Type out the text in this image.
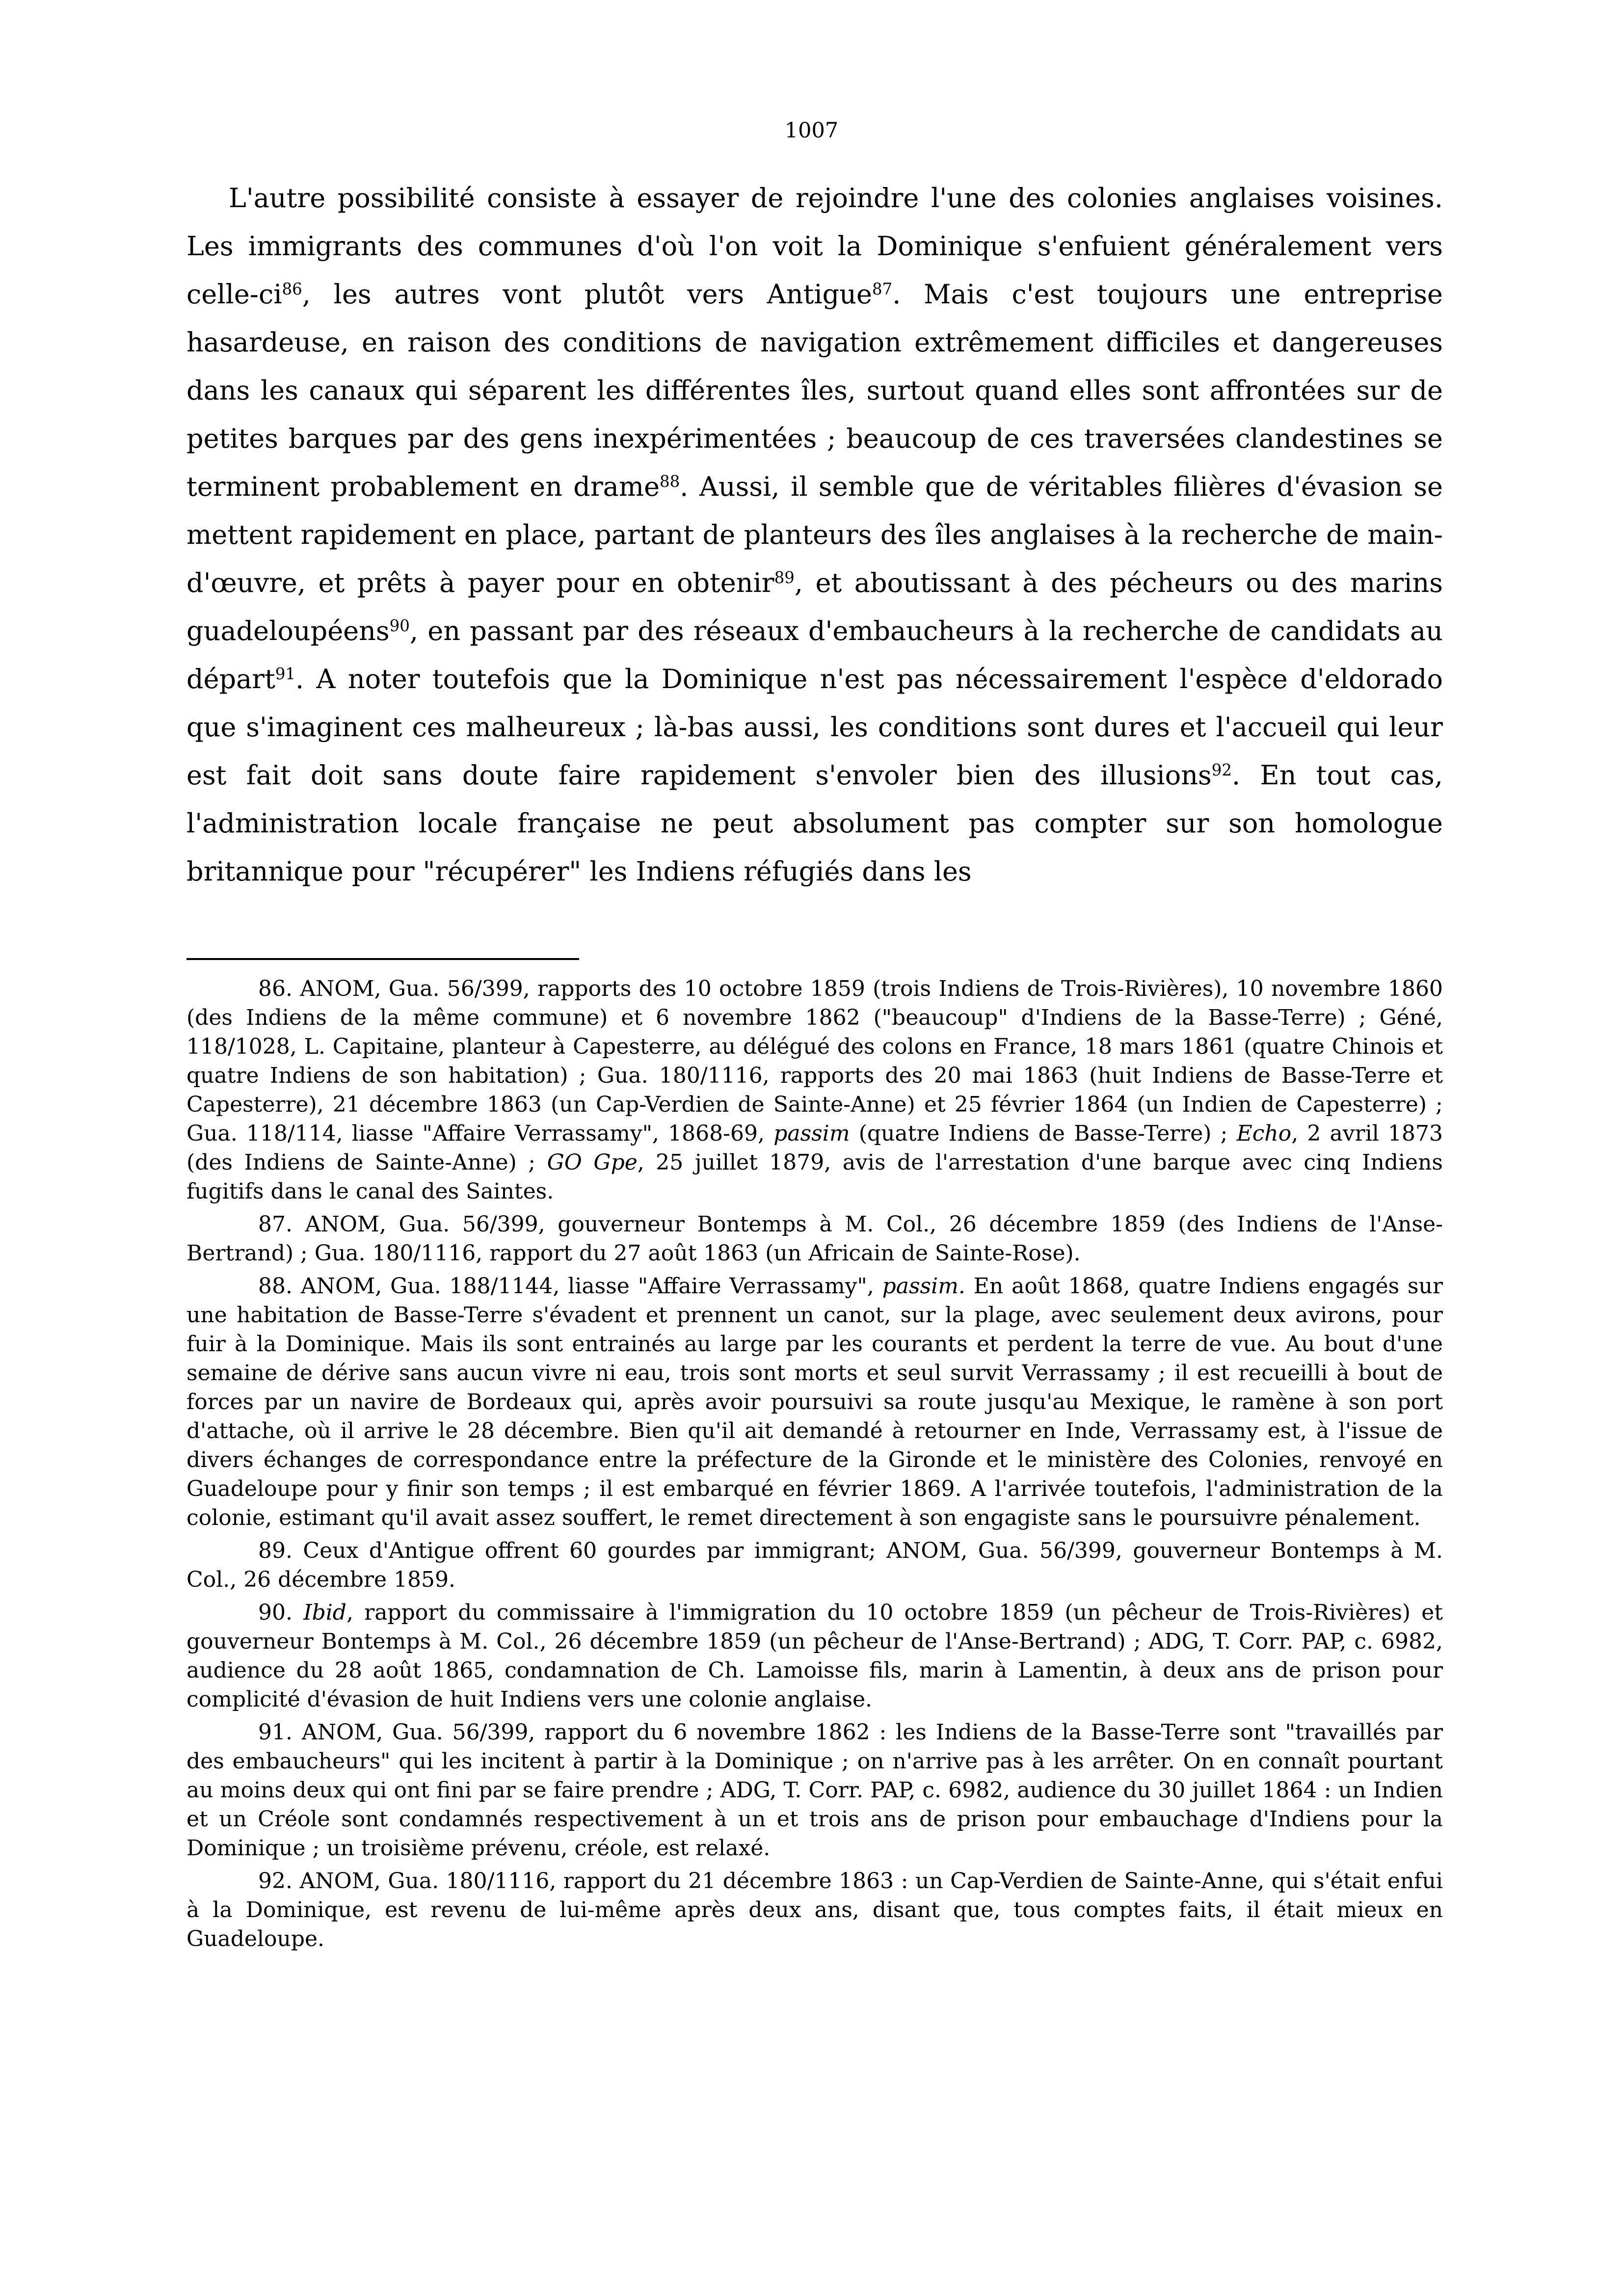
1007

L'autre possibilité consiste à essayer de rejoindre l'une des colonies anglaises voisines. Les immigrants des communes d'où l'on voit la Dominique s'enfuient généralement vers celle-$ci^{86}$, les autres vont plutôt vers Antigue$^{87}$. Mais c'est toujours une entreprise hasardeuse, en raison des conditions de navigation extrêmement difficiles et dangereuses dans les canaux qui séparent les différentes îles, surtout quand elles sont affrontées sur de petites barques par des gens inexpérimentées ; beaucoup de ces traversées clandestines se terminent probablement en drame$^{88}$. Aussi, il semble que de véritables filières d'évasion se mettent rapidement en place, partant de planteurs des îles anglaises à la recherche de main-d'œuvre, et prêts à payer pour en obtenir$^{89}$, et aboutissant à des pécheurs ou des marins guadeloupéens$^{90}$, en passant par des réseaux d'embaucheurs à la recherche de candidats au départ$^{91}$. A noter toutefois que la Dominique n'est pas nécessairement l'espèce d'eldorado que s'imaginent ces malheureux ; là-bas aussi, les conditions sont dures et l'accueil qui leur est fait doit sans doute faire rapidement s'envoler bien des illusions$^{92}$. En tout cas, l'administration locale française ne peut absolument pas compter sur son homologue britannique pour "récupérer" les Indiens réfugiés dans les

86. ANOM, Gua. 56/399, rapports des 10 octobre 1859 (trois Indiens de Trois-Rivières), 10 novembre 1860 (des Indiens de la même commune) et 6 novembre 1862 ("beaucoup" d'Indiens de la Basse-Terre) ; Géné, 118/1028, L. Capitaine, planteur à Capesterre, au délégué des colons en France, 18 mars 1861 (quatre Chinois et quatre Indiens de son habitation) ; Gua. 180/1116, rapports des 20 mai 1863 (huit Indiens de Basse-Terre et Capesterre), 21 décembre 1863 (un Cap-Verdien de Sainte-Anne) et 25 février 1864 (un Indien de Capesterre) ; Gua. 118/114, liasse "Affaire Verrassamy", 1868-69, passim (quatre Indiens de Basse-Terre) ; Echo, 2 avril 1873 (des Indiens de Sainte-Anne) ; GO Gpe, 25 juillet 1879, avis de l'arrestation d'une barque avec cinq Indiens fugitifs dans le canal des Saintes.

87. ANOM, Gua. 56/399, gouverneur Bontemps à M. Col., 26 décembre 1859 (des Indiens de l'Anse-Bertrand) ; Gua. 180/1116, rapport du 27 août 1863 (un Africain de Sainte-Rose).

88. ANOM, Gua. 188/1144, liasse "Affaire Verrassamy", passim. En août 1868, quatre Indiens engagés sur une habitation de Basse-Terre s'évadent et prennent un canot, sur la plage, avec seulement deux avirons, pour fuir à la Dominique. Mais ils sont entrainés au large par les courants et perdent la terre de vue. Au bout d'une semaine de dérive sans aucun vivre ni eau, trois sont morts et seul survit Verrassamy ; il est recueilli à bout de forces par un navire de Bordeaux qui, après avoir poursuivi sa route jusqu'au Mexique, le ramène à son port d'attache, où il arrive le 28 décembre. Bien qu'il ait demandé à retourner en Inde, Verrassamy est, à l'issue de divers échanges de correspondance entre la préfecture de la Gironde et le ministère des Colonies, renvoyé en Guadeloupe pour y finir son temps ; il est embarqué en février 1869. A l'arrivée toutefois, l'administration de la colonie, estimant qu'il avait assez souffert, le remet directement à son engagiste sans le poursuivre pénalement.

89. Ceux d'Antigue offrent 60 gourdes par immigrant; ANOM, Gua. 56/399, gouverneur Bontemps à M. Col., 26 décembre 1859.

90. Ibid, rapport du commissaire à l'immigration du 10 octobre 1859 (un pêcheur de Trois-Rivières) et gouverneur Bontemps à M. Col., 26 décembre 1859 (un pêcheur de l'Anse-Bertrand) ; ADG, T. Corr. PAP, c. 6982, audience du 28 août 1865, condamnation de Ch. Lamoisse fils, marin à Lamentin, à deux ans de prison pour complicité d'évasion de huit Indiens vers une colonie anglaise.

91. ANOM, Gua. 56/399, rapport du 6 novembre 1862 : les Indiens de la Basse-Terre sont "travaillés par des embaucheurs" qui les incitent à partir à la Dominique ; on n'arrive pas à les arrêter. On en connaît pourtant au moins deux qui ont fini par se faire prendre ; ADG, T. Corr. PAP, c. 6982, audience du 30 juillet 1864 : un Indien et un Créole sont condamnés respectivement à un et trois ans de prison pour embauchage d'Indiens pour la Dominique ; un troisième prévenu, créole, est relaxé.

92. ANOM, Gua. 180/1116, rapport du 21 décembre 1863 : un Cap-Verdien de Sainte-Anne, qui s'était enfui à la Dominique, est revenu de lui-même après deux ans, disant que, tous comptes faits, il était mieux en Guadeloupe.
